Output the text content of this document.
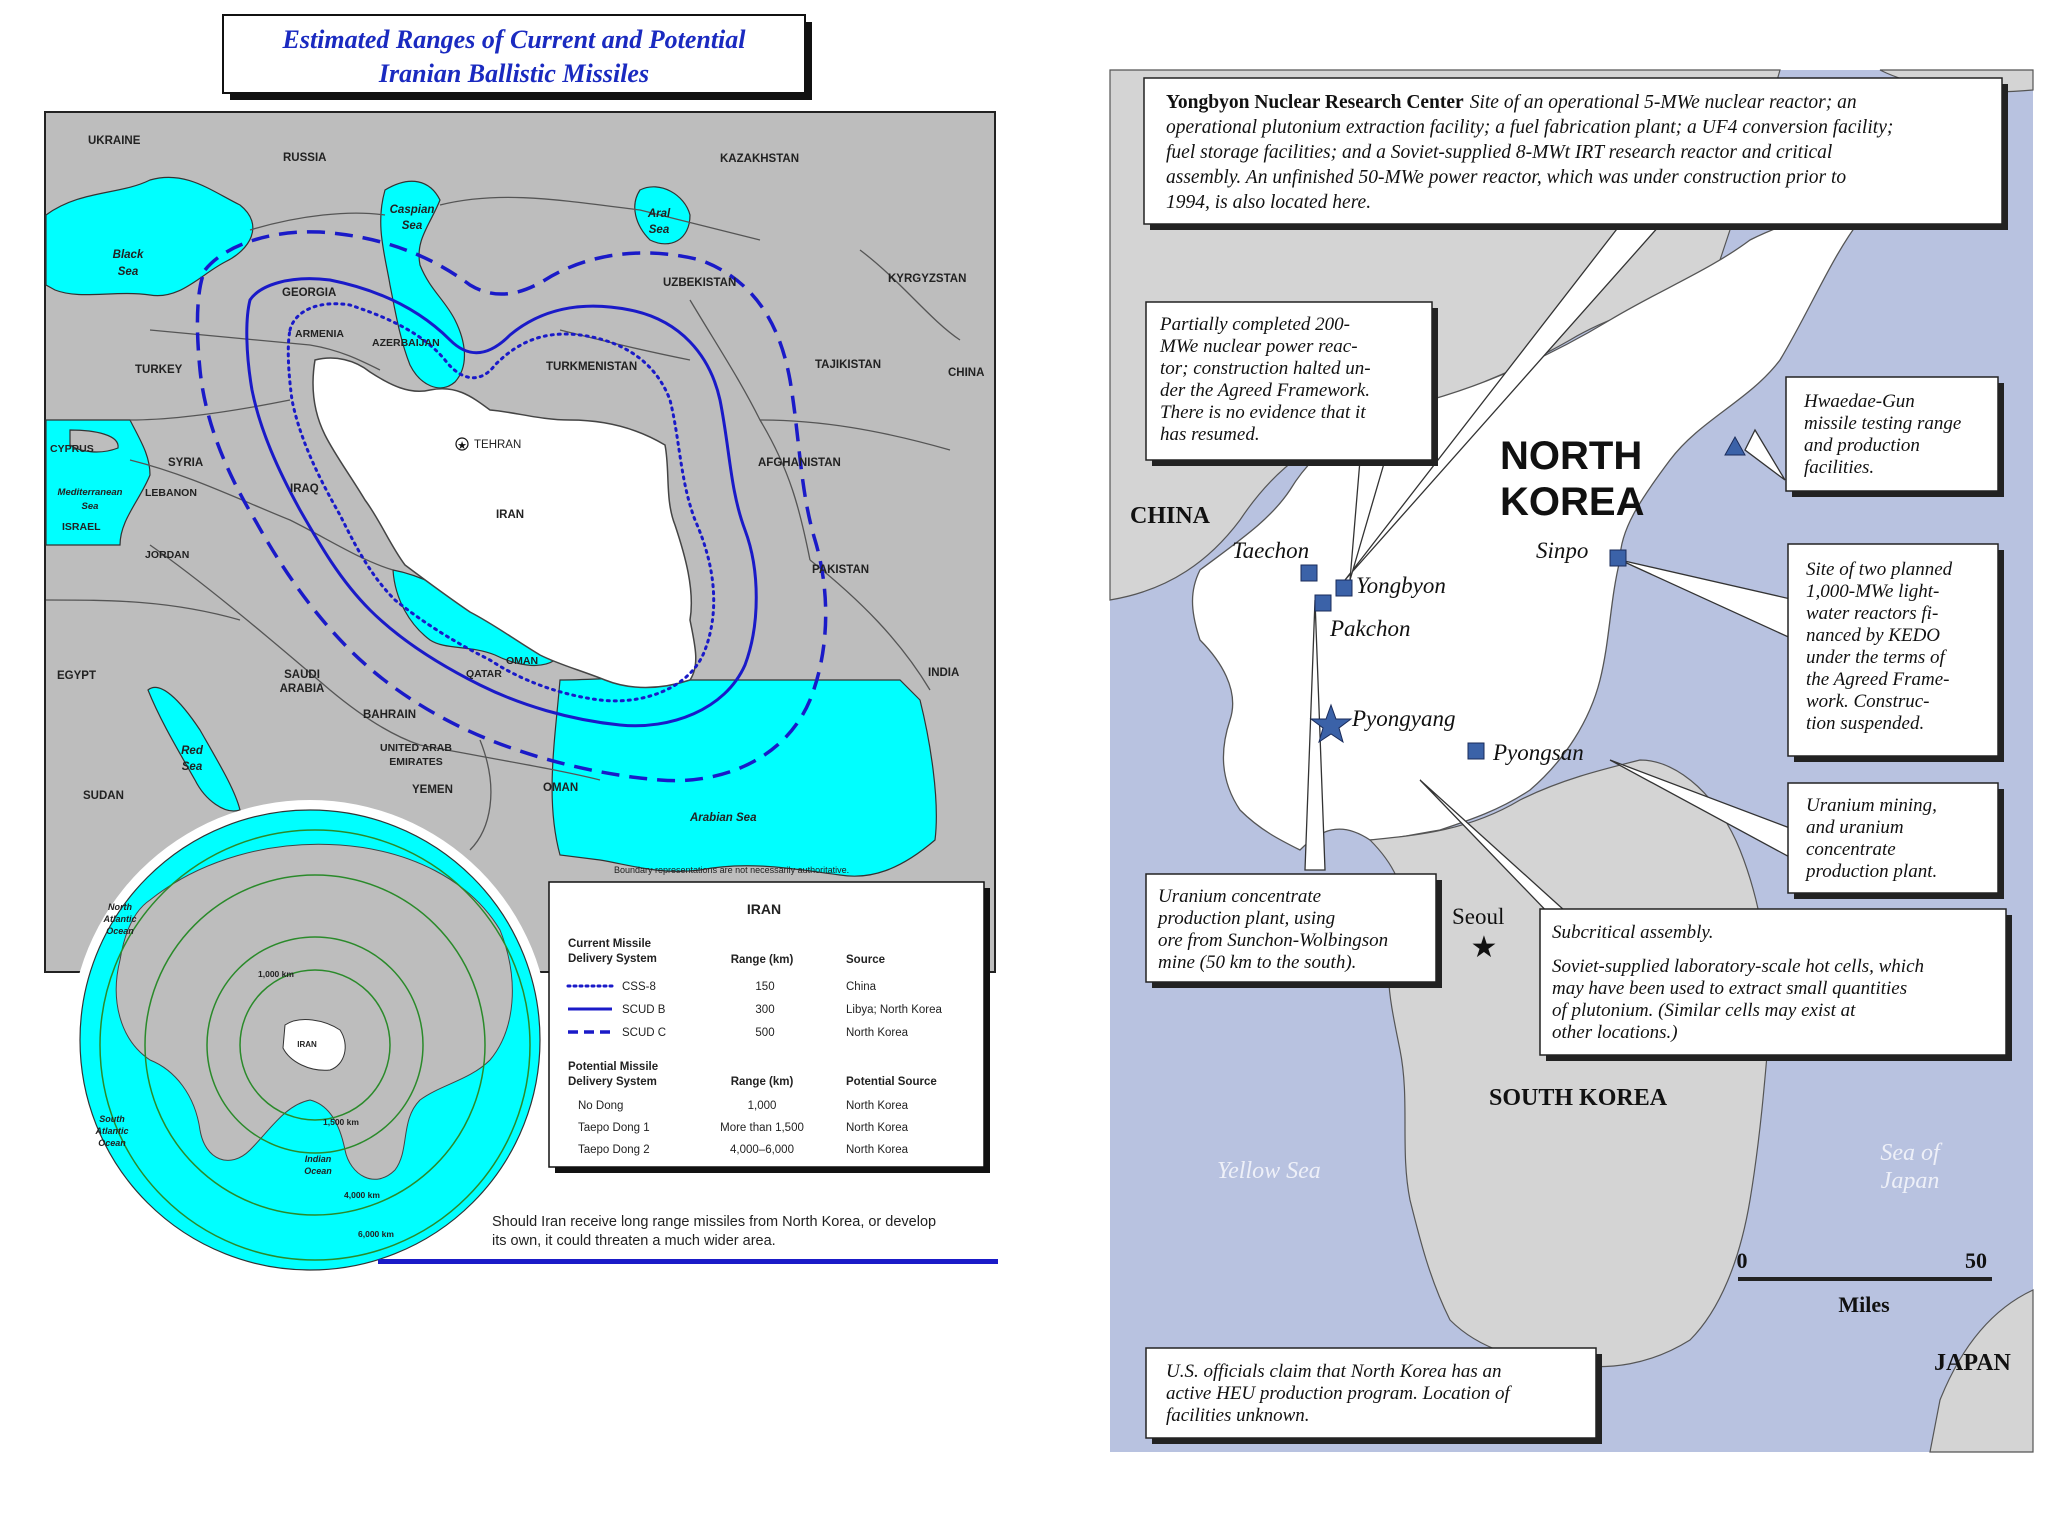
Estimated Ranges of Current and Potential
Iranian Ballistic Missiles
★
UKRAINE
RUSSIA	KAZAKHSTAN
Caspian
Sea
Aral
Sea
Black
Sea
GEORGIA
UZBEKISTAN	KYRGYZSTAN
ARMENIA
AZERBAIJAN
TURKEY	TURKMENISTAN	TAJIKISTAN
CHINA
CYPRUS
SYRIA
TEHRAN
Mediterranean
Sea
LEBANON
AFGHANISTAN
ISRAEL
IRAQ
IRAN
JORDAN
PAKISTAN
OMAN
EGYPT	SAUDI
ARABIA
QATAR	INDIA
BAHRAIN
Red
Sea
UNITED ARAB
EMIRATES
SUDAN	YEMEN	OMAN
Arabian Sea
Boundary representations are not necessarily authoritative.
North
Atlantic
Ocean
South
Atlantic
Ocean
Indian
Ocean
IRAN
1,000 km
1,500 km
4,000 km
6,000 km
IRAN
Current Missile
Delivery System	Range (km)	Source
CSS-8	150	China
SCUD B	300	Libya; North Korea
SCUD C	500	North Korea
Potential Missile
Delivery System	Range (km)	Potential Source
No Dong	1,000	North Korea
Taepo Dong 1	More than 1,500	North Korea
Taepo Dong 2	4,000–6,000	North Korea
Should Iran receive long range missiles from North Korea, or develop
its own, it could threaten a much wider area.
★
NORTH
KOREA
CHINA
Taechon
Yongbyon
Pakchon
Sinpo
Pyongyang
Pyongsan
Seoul
SOUTH KOREA
Yellow Sea
Sea of
Japan
JAPAN
0	50
Miles
Yongbyon Nuclear Research Center Site of an operational 5-MWe nuclear reactor; an
operational plutonium extraction facility; a fuel fabrication plant; a UF4 conversion facility;
fuel storage facilities; and a Soviet-supplied 8-MWt IRT research reactor and critical
assembly. An unfinished 50-MWe power reactor, which was under construction prior to
1994, is also located here.
Partially completed 200-
MWe nuclear power reac-
tor; construction halted un-
der the Agreed Framework.
There is no evidence that it
has resumed.
Hwaedae-Gun
missile testing range
and production
facilities.
Site of two planned
1,000-MWe light-
water reactors fi-
nanced by KEDO
under the terms of
the Agreed Frame-
work. Construc-
tion suspended.
Uranium mining,
and uranium
concentrate
production plant.
Uranium concentrate
production plant, using
ore from Sunchon-Wolbingson
mine (50 km to the south).
Subcritical assembly.
Soviet-supplied laboratory-scale hot cells, which
may have been used to extract small quantities
of plutonium. (Similar cells may exist at
other locations.)
U.S. officials claim that North Korea has an
active HEU production program. Location of
facilities unknown.
